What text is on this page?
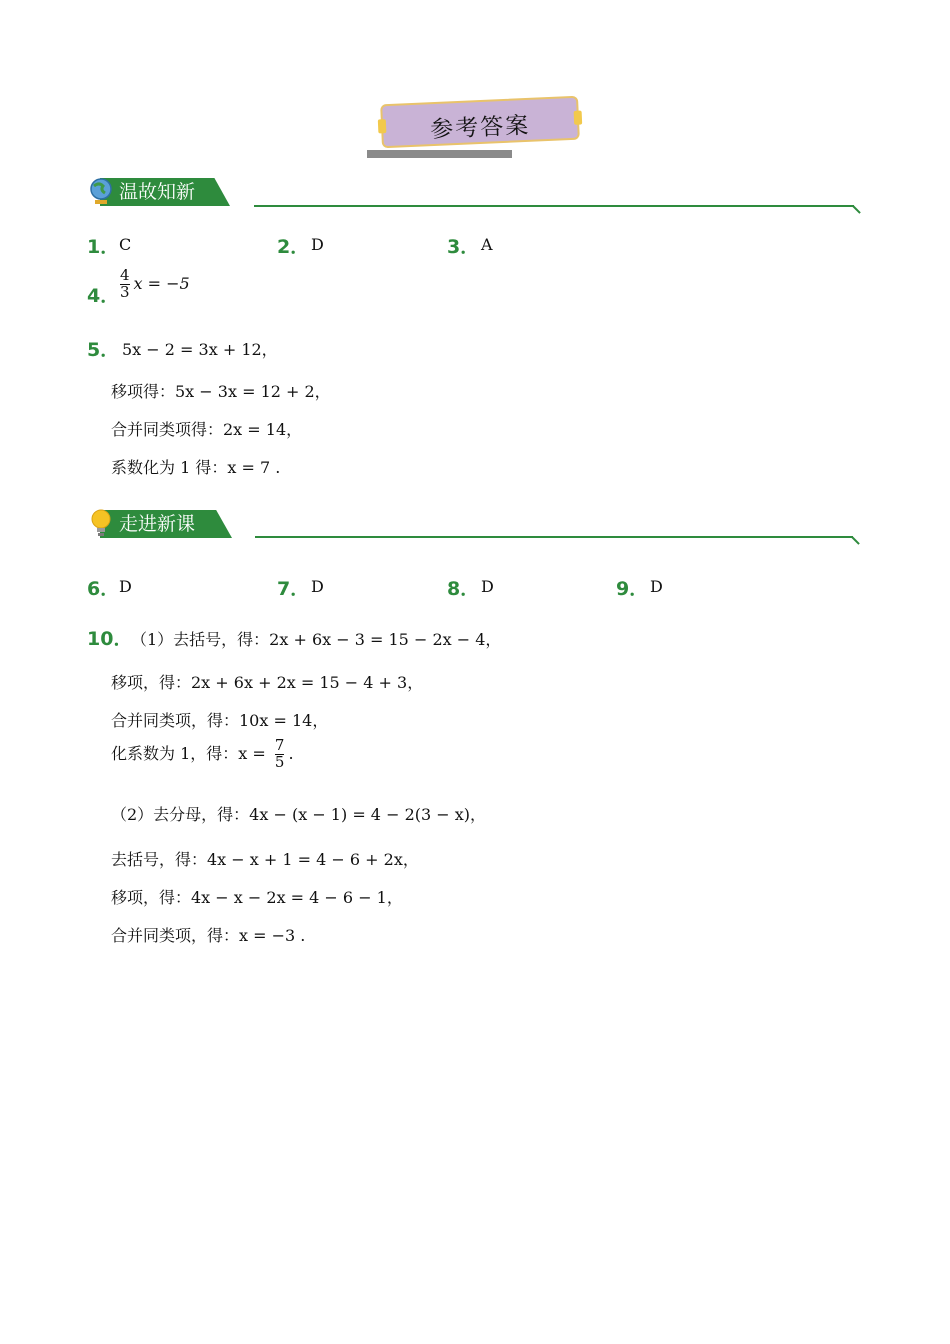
参考答案
温故知新
1． C	2． D	3． A
4． $\frac{4}{3}$ x = −5
5． 5x − 2 = 3x + 12，
移项得：5x − 3x = 12 + 2，
合并同类项得：2x = 14，
系数化为 1 得：x = 7 .
走进新课
6． D	7． D	8． D	9． D
10．
（1）去括号，得：2x + 6x − 3 = 15 − 2x − 4，
移项，得：2x + 6x + 2x = 15 − 4 + 3，
合并同类项，得：10x = 14，
化系数为 1，得：$x = \frac{7}{5}$ .
（2）去分母，得：4x − (x − 1) = 4 − 2(3 − x)，
去括号，得：4x − x + 1 = 4 − 6 + 2x，
移项，得：4x − x − 2x = 4 − 6 − 1，
合并同类项，得：x = −3 .
